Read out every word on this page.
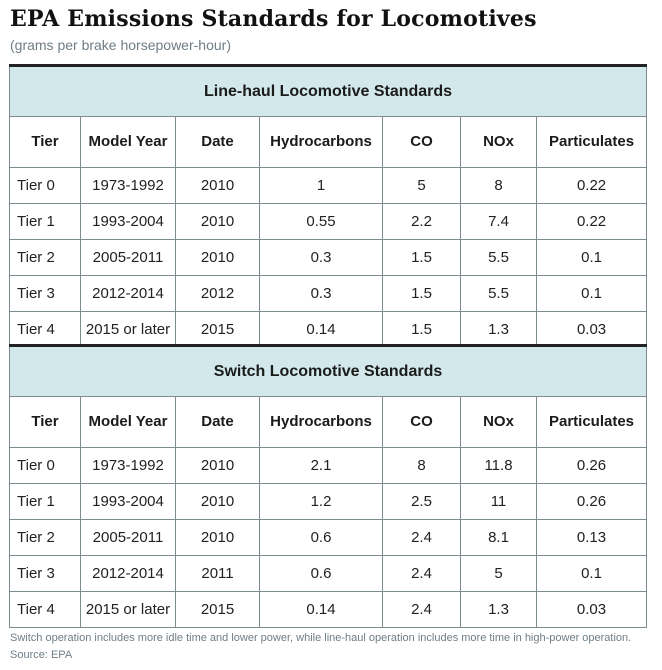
EPA Emissions Standards for Locomotives
(grams per brake horsepower-hour)
Line-haul Locomotive Standards						
Tier	Model Year	Date	Hydrocarbons	CO	NOx	Particulates
Tier 0	1973-1992	2010	1	5	8	0.22
Tier 1	1993-2004	2010	0.55	2.2	7.4	0.22
Tier 2	2005-2011	2010	0.3	1.5	5.5	0.1
Tier 3	2012-2014	2012	0.3	1.5	5.5	0.1
Tier 4	2015 or later	2015	0.14	1.5	1.3	0.03
Switch Locomotive Standards						
Tier	Model Year	Date	Hydrocarbons	CO	NOx	Particulates
Tier 0	1973-1992	2010	2.1	8	11.8	0.26
Tier 1	1993-2004	2010	1.2	2.5	11	0.26
Tier 2	2005-2011	2010	0.6	2.4	8.1	0.13
Tier 3	2012-2014	2011	0.6	2.4	5	0.1
Tier 4	2015 or later	2015	0.14	2.4	1.3	0.03
Switch operation includes more idle time and lower power, while line-haul operation includes more time in high-power operation.
Source: EPA
